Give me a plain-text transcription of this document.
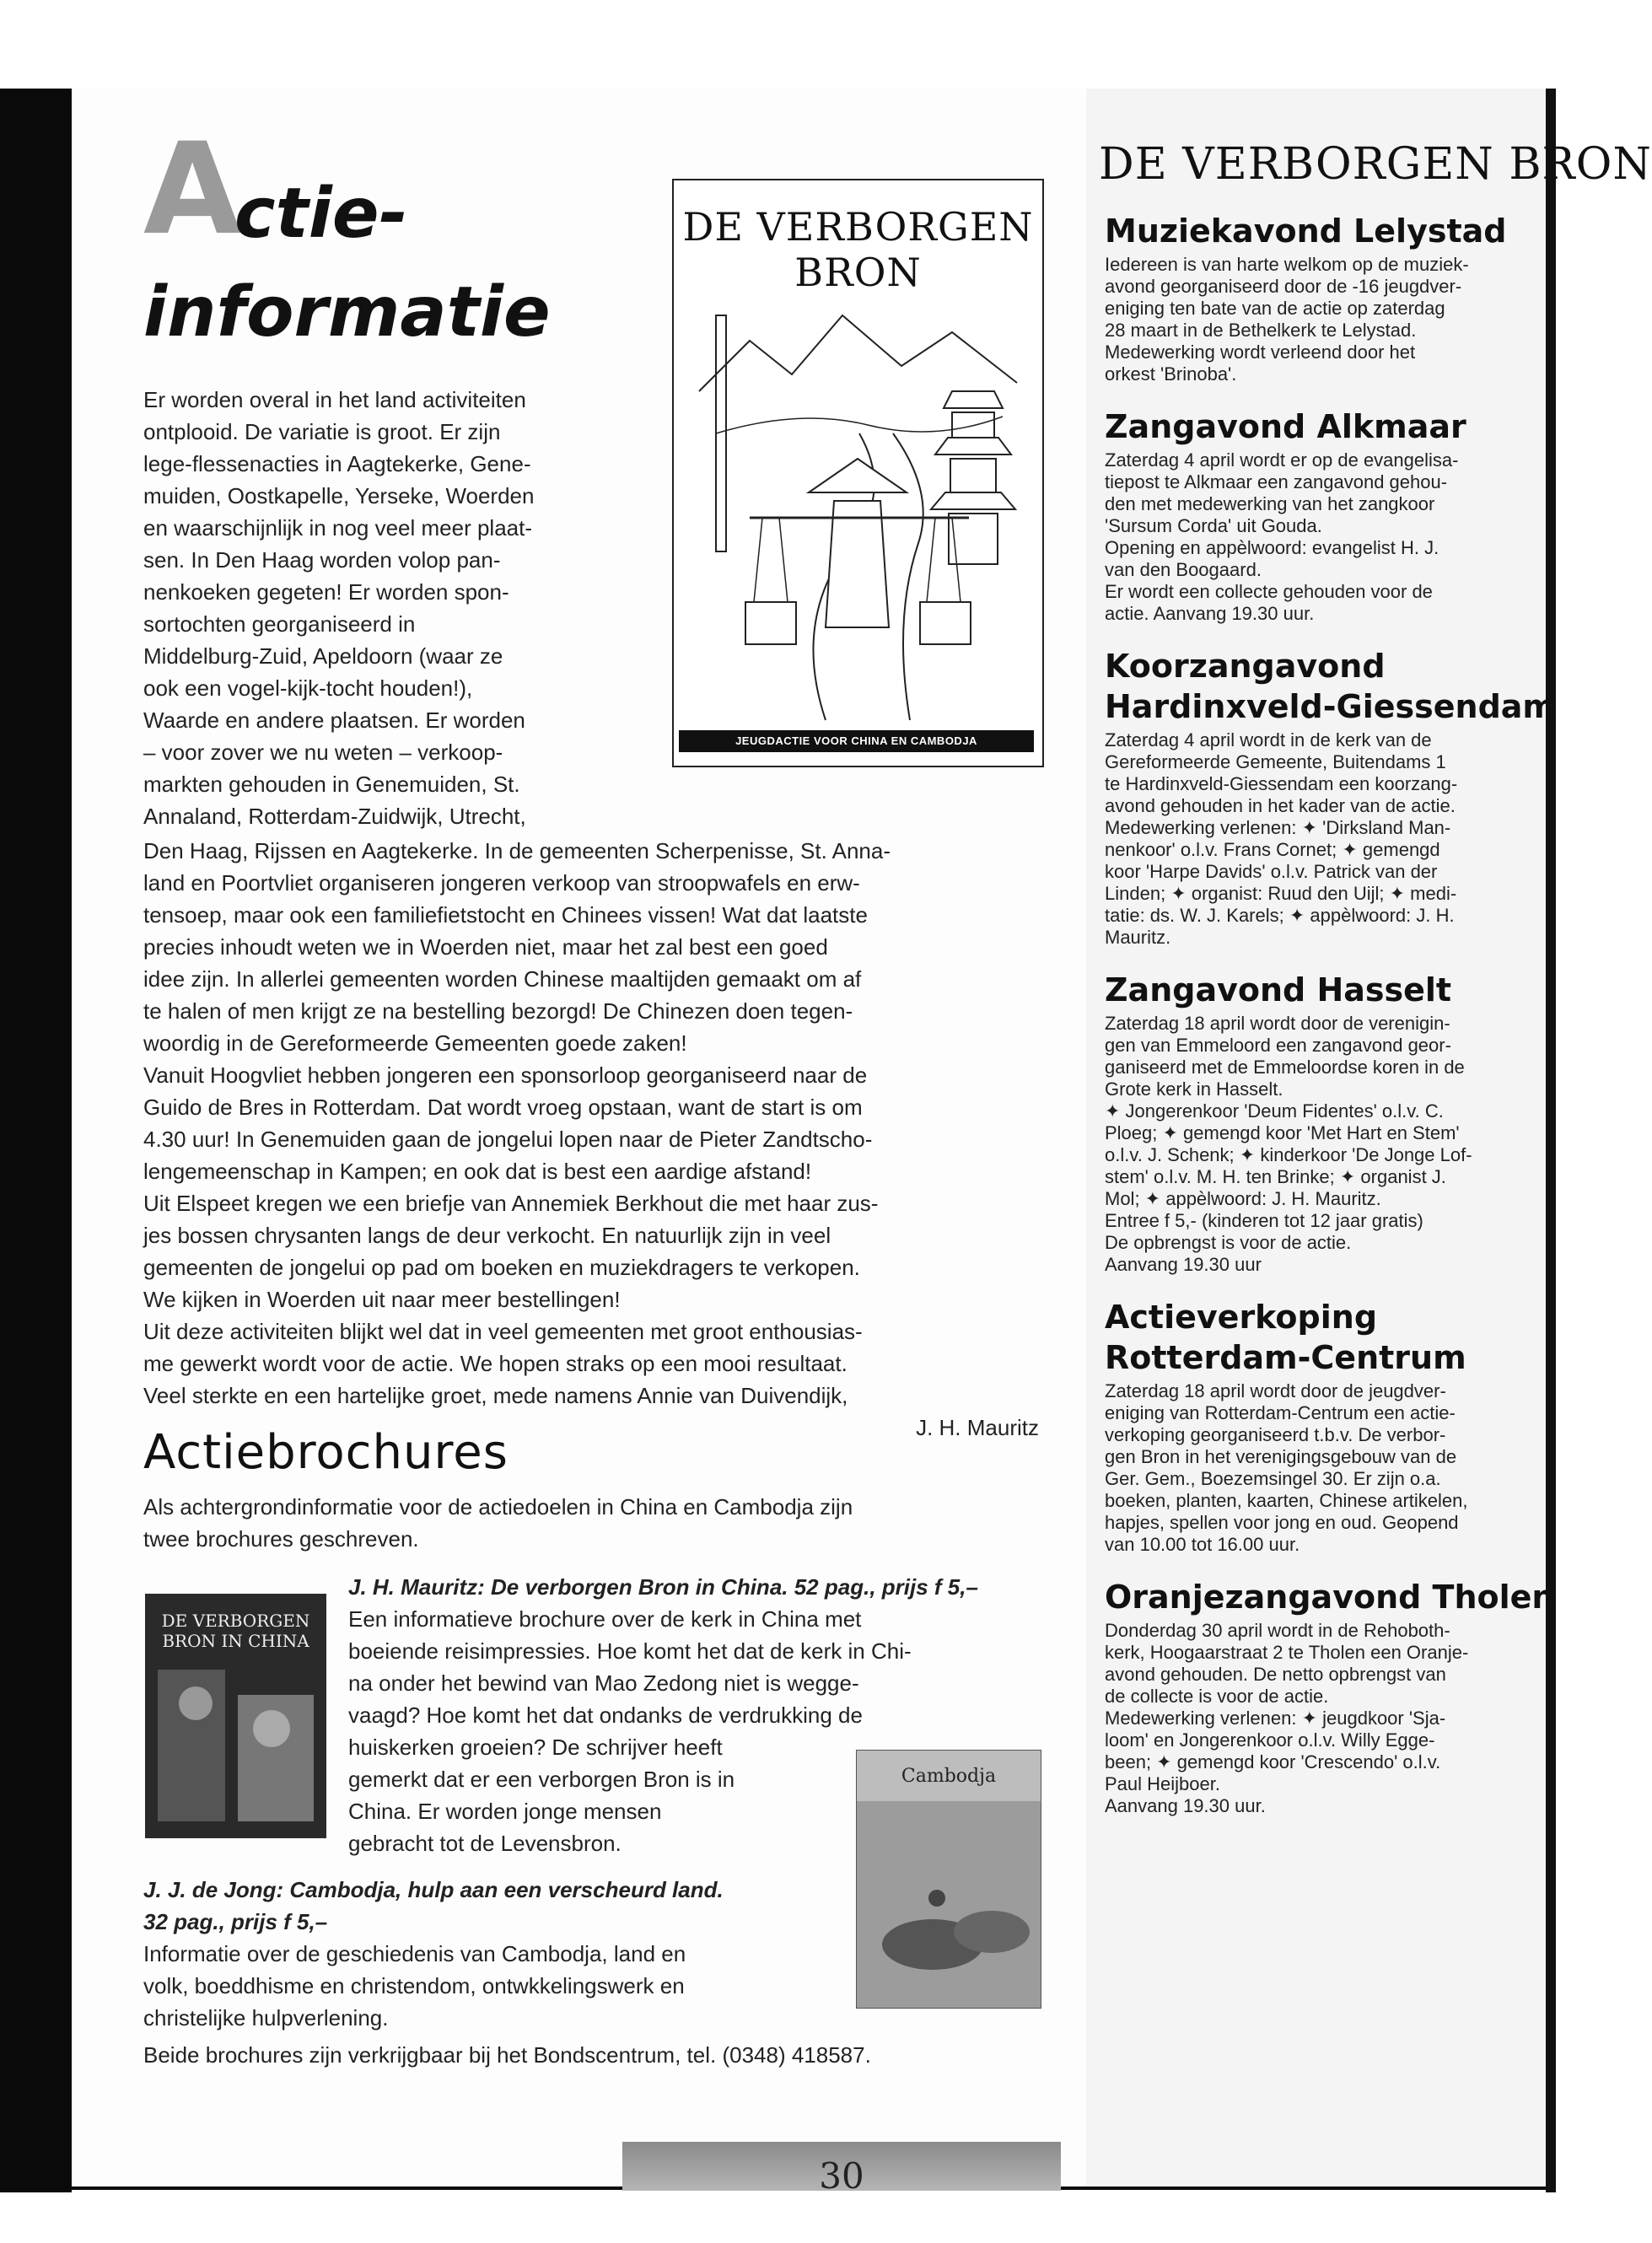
A
ctie-
informatie
DE VERBORGEN BRON
JEUGDACTIE VOOR CHINA EN CAMBODJA

Er worden overal in het land activiteiten

ontplooid. De variatie is groot. Er zijn

lege-flessenacties in Aagtekerke, Gene-

muiden, Oostkapelle, Yerseke, Woerden

en waarschijnlijk in nog veel meer plaat-

sen. In Den Haag worden volop pan-

nenkoeken gegeten! Er worden spon-

sortochten georganiseerd in

Middelburg-Zuid, Apeldoorn (waar ze

ook een vogel-kijk-tocht houden!),

Waarde en andere plaatsen. Er worden

– voor zover we nu weten – verkoop-

markten gehouden in Genemuiden, St.

Annaland, Rotterdam-Zuidwijk, Utrecht,

Den Haag, Rijssen en Aagtekerke. In de gemeenten Scherpenisse, St. Anna-

land en Poortvliet organiseren jongeren verkoop van stroopwafels en erw-

tensoep, maar ook een familiefietstocht en Chinees vissen! Wat dat laatste

precies inhoudt weten we in Woerden niet, maar het zal best een goed

idee zijn. In allerlei gemeenten worden Chinese maaltijden gemaakt om af

te halen of men krijgt ze na bestelling bezorgd! De Chinezen doen tegen-

woordig in de Gereformeerde Gemeenten goede zaken!

Vanuit Hoogvliet hebben jongeren een sponsorloop georganiseerd naar de

Guido de Bres in Rotterdam. Dat wordt vroeg opstaan, want de start is om

4.30 uur! In Genemuiden gaan de jongelui lopen naar de Pieter Zandtscho-

lengemeenschap in Kampen; en ook dat is best een aardige afstand!

Uit Elspeet kregen we een briefje van Annemiek Berkhout die met haar zus-

jes bossen chrysanten langs de deur verkocht. En natuurlijk zijn in veel

gemeenten de jongelui op pad om boeken en muziekdragers te verkopen.

We kijken in Woerden uit naar meer bestellingen!

Uit deze activiteiten blijkt wel dat in veel gemeenten met groot enthousias-

me gewerkt wordt voor de actie. We hopen straks op een mooi resultaat.

Veel sterkte en een hartelijke groet, mede namens Annie van Duivendijk,

J. H. Mauritz

Actiebrochures

Als achtergrondinformatie voor de actiedoelen in China en Cambodja zijn

twee brochures geschreven.

DE VERBORGEN BRON IN CHINA

J. H. Mauritz: De verborgen Bron in China. 52 pag., prijs f 5,–

Een informatieve brochure over de kerk in China met

boeiende reisimpressies. Hoe komt het dat de kerk in Chi-

na onder het bewind van Mao Zedong niet is wegge-

vaagd? Hoe komt het dat ondanks de verdrukking de

huiskerken groeien? De schrijver heeft

gemerkt dat er een verborgen Bron is in

China. Er worden jonge mensen

gebracht tot de Levensbron.

Cambodja

J. J. de Jong: Cambodja, hulp aan een verscheurd land.

32 pag., prijs f 5,–

Informatie over de geschiedenis van Cambodja, land en

volk, boeddhisme en christendom, ontwkkelingswerk en

christelijke hulpverlening.

Beide brochures zijn verkrijgbaar bij het Bondscentrum, tel. (0348) 418587.

30
DE VERBORGEN BRON
Muziekavond Lelystad

Iedereen is van harte welkom op de muziek-

avond georganiseerd door de -16 jeugdver-

eniging ten bate van de actie op zaterdag

28 maart in de Bethelkerk te Lelystad.

Medewerking wordt verleend door het

orkest 'Brinoba'.

Zangavond Alkmaar

Zaterdag 4 april wordt er op de evangelisa-

tiepost te Alkmaar een zangavond gehou-

den met medewerking van het zangkoor

'Sursum Corda' uit Gouda.

Opening en appèlwoord: evangelist H. J.

van den Boogaard.

Er wordt een collecte gehouden voor de

actie. Aanvang 19.30 uur.

Koorzangavond
Hardinxveld-Giessendam

Zaterdag 4 april wordt in de kerk van de

Gereformeerde Gemeente, Buitendams 1

te Hardinxveld-Giessendam een koorzang-

avond gehouden in het kader van de actie.

Medewerking verlenen: ✦ 'Dirksland Man-

nenkoor' o.l.v. Frans Cornet; ✦ gemengd

koor 'Harpe Davids' o.l.v. Patrick van der

Linden; ✦ organist: Ruud den Uijl; ✦ medi-

tatie: ds. W. J. Karels; ✦ appèlwoord: J. H.

Mauritz.

Zangavond Hasselt

Zaterdag 18 april wordt door de verenigin-

gen van Emmeloord een zangavond geor-

ganiseerd met de Emmeloordse koren in de

Grote kerk in Hasselt.

✦ Jongerenkoor 'Deum Fidentes' o.l.v. C.

Ploeg; ✦ gemengd koor 'Met Hart en Stem'

o.l.v. J. Schenk; ✦ kinderkoor 'De Jonge Lof-

stem' o.l.v. M. H. ten Brinke; ✦ organist J.

Mol; ✦ appèlwoord: J. H. Mauritz.

Entree f 5,- (kinderen tot 12 jaar gratis)

De opbrengst is voor de actie.

Aanvang 19.30 uur

Actieverkoping
Rotterdam-Centrum

Zaterdag 18 april wordt door de jeugdver-

eniging van Rotterdam-Centrum een actie-

verkoping georganiseerd t.b.v. De verbor-

gen Bron in het verenigingsgebouw van de

Ger. Gem., Boezemsingel 30. Er zijn o.a.

boeken, planten, kaarten, Chinese artikelen,

hapjes, spellen voor jong en oud. Geopend

van 10.00 tot 16.00 uur.

Oranjezangavond Tholen

Donderdag 30 april wordt in de Rehoboth-

kerk, Hoogaarstraat 2 te Tholen een Oranje-

avond gehouden. De netto opbrengst van

de collecte is voor de actie.

Medewerking verlenen: ✦ jeugdkoor 'Sja-

loom' en Jongerenkoor o.l.v. Willy Egge-

been; ✦ gemengd koor 'Crescendo' o.l.v.

Paul Heijboer.

Aanvang 19.30 uur.
